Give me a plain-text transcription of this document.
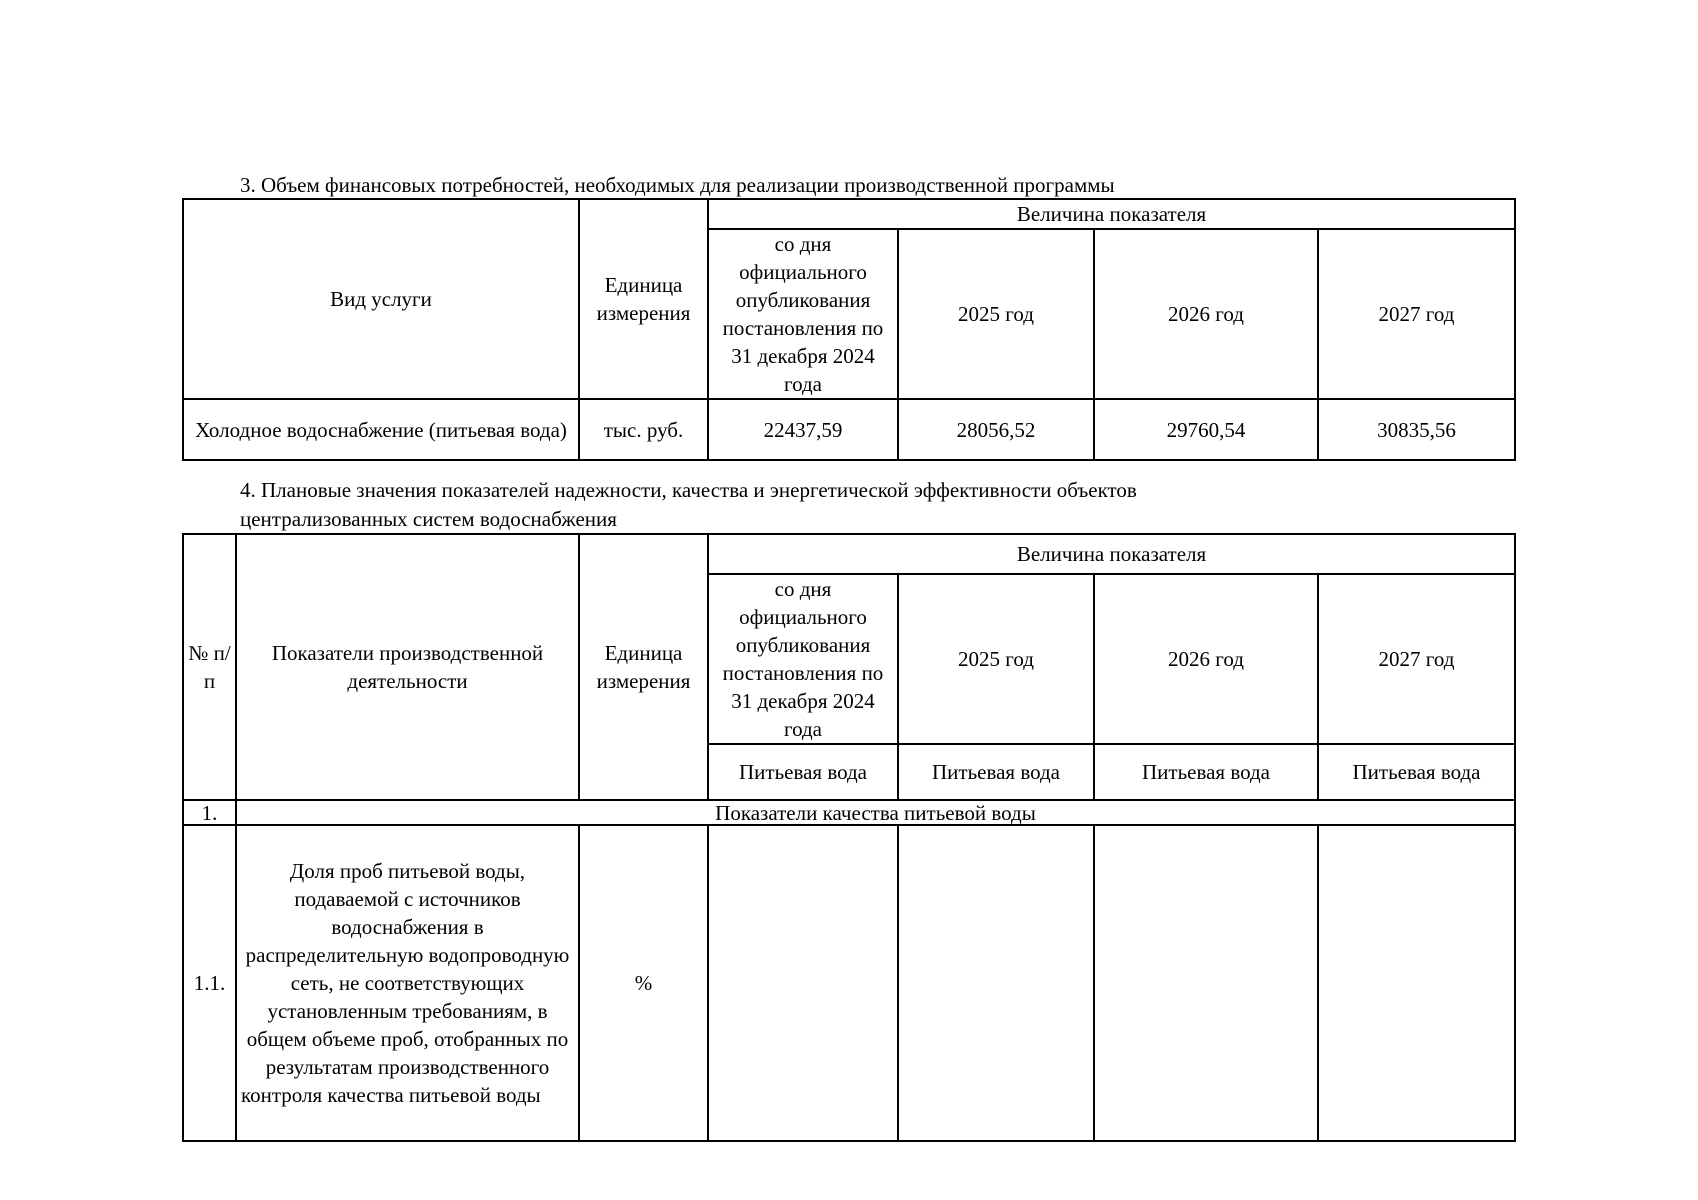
3. Объем финансовых потребностей, необходимых для реализации производственной программы
Вид услуги	Единица измерения	Величина показателя			
		со дня официального опубликования постановления по 31 декабря 2024 года	2025 год	2026 год	2027 год
Холодное водоснабжение (питьевая вода)	тыс. руб.	22437,59	28056,52	29760,54	30835,56
4. Плановые значения показателей надежности, качества и энергетической эффективности объектов
централизованных систем водоснабжения
№ п/п	Показатели производственной деятельности	Единица измерения	Величина показателя			
			со дня официального опубликования постановления по 31 декабря 2024 года	2025 год	2026 год	2027 год
			Питьевая вода	Питьевая вода	Питьевая вода	Питьевая вода
1.	Показатели качества питьевой воды					
1.1.	Доля проб питьевой воды, подаваемой с источников водоснабжения в распределительную водопроводную сеть, не соответствующих установленным требованиям, в общем объеме проб, отобранных по результатам производственного контроля качества питьевой воды	%				
